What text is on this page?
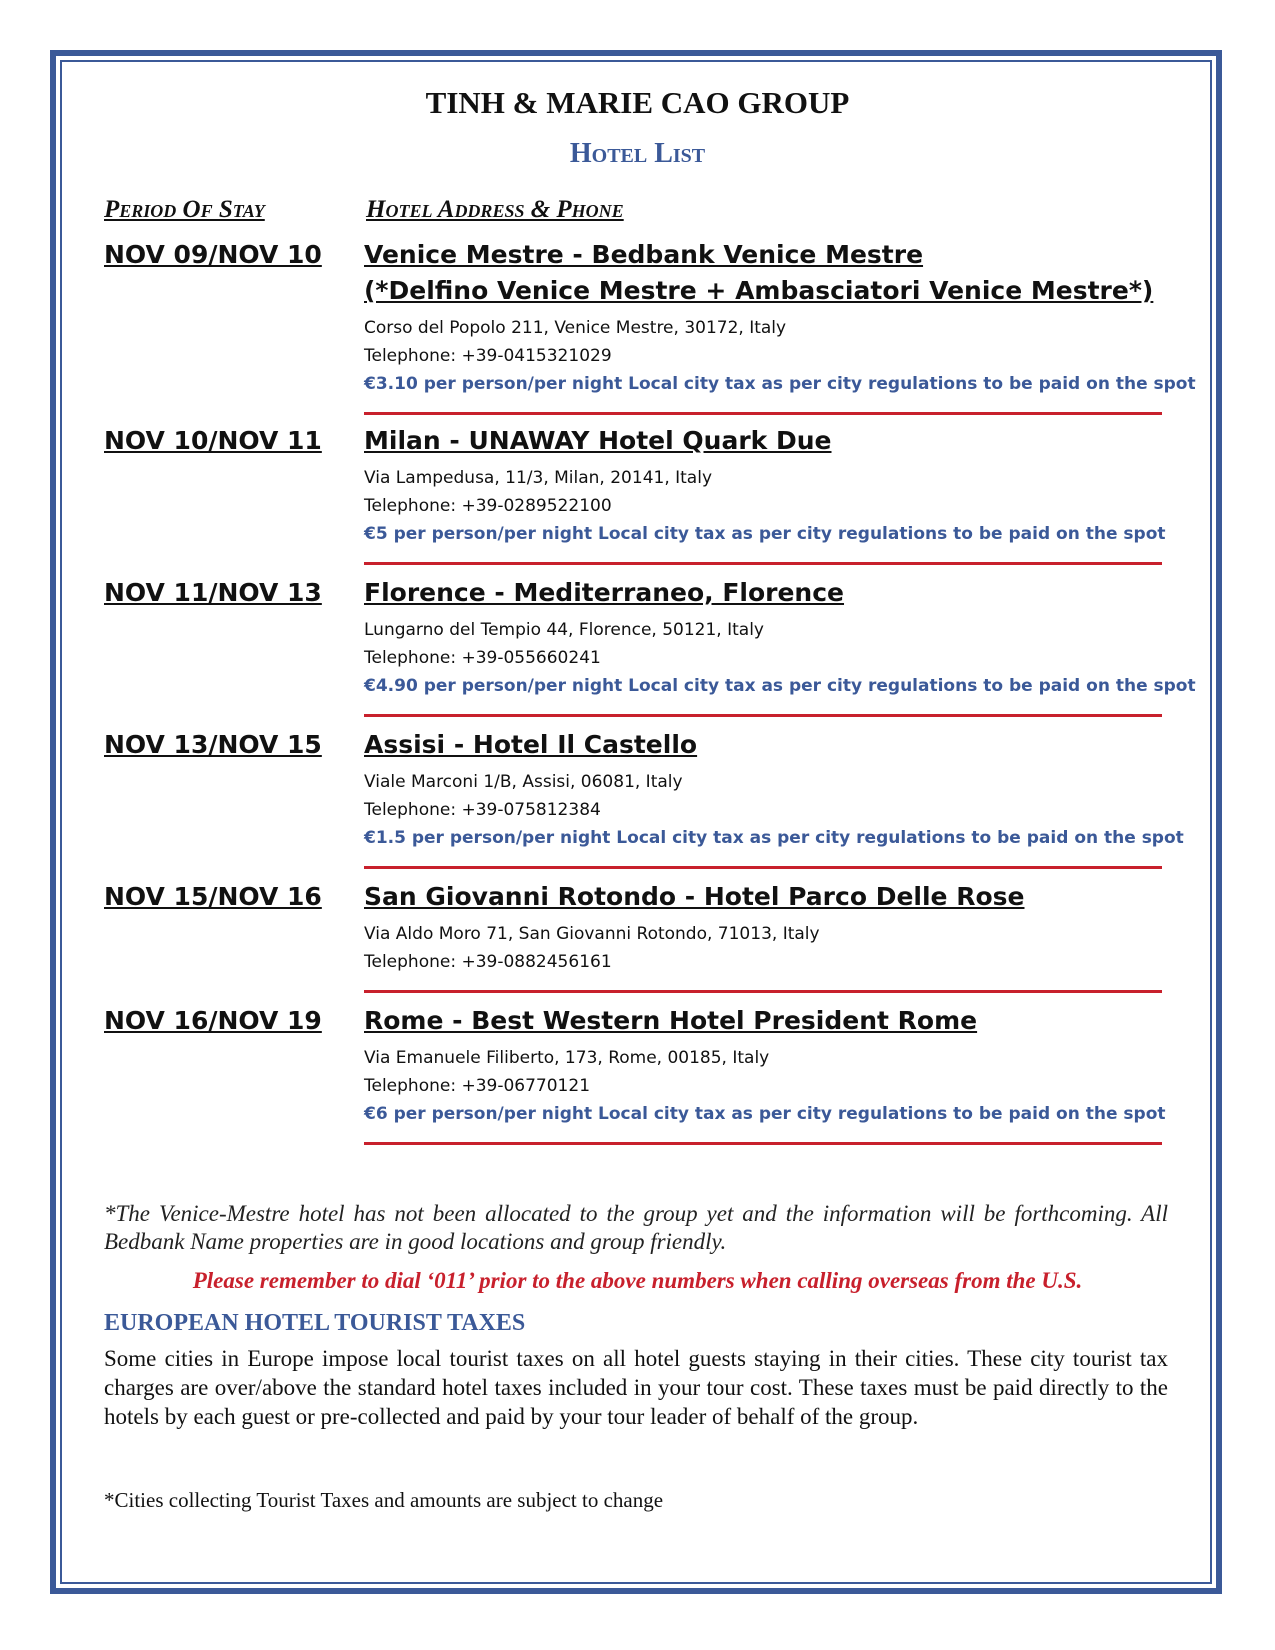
TINH & MARIE CAO GROUP
Hotel List
Period Of Stay	Hotel Address & Phone
NOV 09/NOV 10 Venice Mestre - Bedbank Venice Mestre
(*Delfino Venice Mestre + Ambasciatori Venice Mestre*)
Corso del Popolo 211, Venice Mestre, 30172, Italy
Telephone: +39-0415321029
€3.10 per person/per night Local city tax as per city regulations to be paid on the spot
NOV 10/NOV 11 Milan - UNAWAY Hotel Quark Due
Via Lampedusa, 11/3, Milan, 20141, Italy
Telephone: +39-0289522100
€5 per person/per night Local city tax as per city regulations to be paid on the spot
NOV 11/NOV 13 Florence - Mediterraneo, Florence
Lungarno del Tempio 44, Florence, 50121, Italy
Telephone: +39-055660241
€4.90 per person/per night Local city tax as per city regulations to be paid on the spot
NOV 13/NOV 15 Assisi - Hotel Il Castello
Viale Marconi 1/B, Assisi, 06081, Italy
Telephone: +39-075812384
€1.5 per person/per night Local city tax as per city regulations to be paid on the spot
NOV 15/NOV 16 San Giovanni Rotondo - Hotel Parco Delle Rose
Via Aldo Moro 71, San Giovanni Rotondo, 71013, Italy
Telephone: +39-0882456161
NOV 16/NOV 19 Rome - Best Western Hotel President Rome
Via Emanuele Filiberto, 173, Rome, 00185, Italy
Telephone: +39-06770121
€6 per person/per night Local city tax as per city regulations to be paid on the spot
*The Venice-Mestre hotel has not been allocated to the group yet and the information will be forthcoming. All Bedbank Name properties are in good locations and group friendly.
Please remember to dial ‘011’ prior to the above numbers when calling overseas from the U.S.
EUROPEAN HOTEL TOURIST TAXES
Some cities in Europe impose local tourist taxes on all hotel guests staying in their cities. These city tourist tax charges are over/above the standard hotel taxes included in your tour cost. These taxes must be paid directly to the hotels by each guest or pre-collected and paid by your tour leader of behalf of the group.
*Cities collecting Tourist Taxes and amounts are subject to change
